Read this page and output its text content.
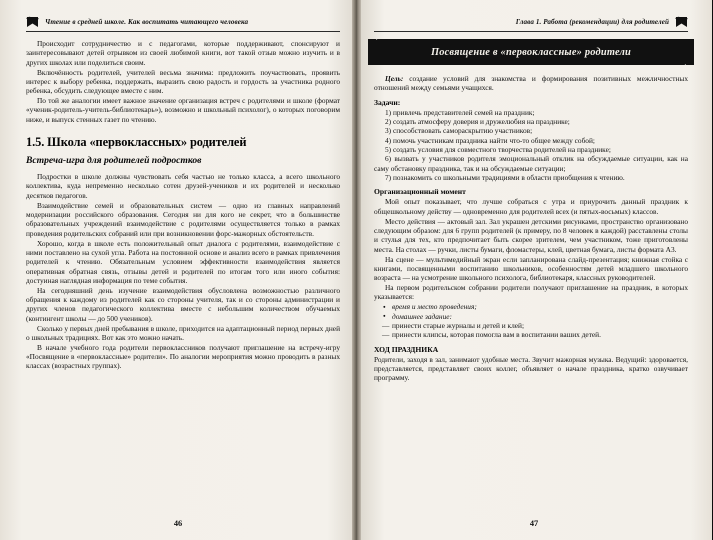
Чтение в средней школе. Как воспитать читающего человека

Происходит сотрудничество и с педагогами, которые поддерживают, спонсируют и заинтересовывают детей отрывком из своей любимой книги, вот такой отзыв можно изучить и в других школах или поделиться своим.

Включённость родителей, учителей весьма значима: предложить поучаствовать, проявить интерес к выбору ребенка, поддержать, выразить свою радость и гордость за участника родного ребенка, обсудить следующее вместе с ним.

По той же аналогии имеет важное значение организация встреч с родителями и школе (формат «ученик-родитель-учитель-библиотекарь»), возможно и школьный психолог), о которых поговорим ниже, и выпуск стенных газет по чтению.

1.5. Школа «первоклассных» родителей
Встреча-игра для родителей подростков

Подростки в школе должны чувствовать себя частью не только класса, а всего школьного коллектива, куда непременно несколько сотен друзей-учеников и их родителей и несколько десятков педагогов.

Взаимодействие семей и образовательных систем — одно из главных направлений модернизации российского образования. Сегодня ни для кого не секрет, что в большинстве образовательных учреждений взаимодействие с родителями осуществляется только в рамках проведения родительских собраний или при возникновении форс-мажорных обстоятельств.

Хорошо, когда в школе есть положительный опыт диалога с родителями, взаимодействие с ними поставлено на сухой угла. Работа на постоянной основе и анализ всего в рамках привлечения родителей к чтению. Обязательным условием эффективности взаимодействия является оперативная обратная связь, отзывы детей и родителей по итогам того или иного события: достуиная наглядная информация по теме события.

На сегодняшний день изучение взаимодействия обусловлена возможностью различного обращения к каждому из родителей как со стороны учителя, так и со стороны администрации и других членов педагогического коллектива вместе с небольшим количеством обучаемых (контингент школы — до 500 учеников).

Сколько у первых дней пребывания в школе, приходится на адаптационный период первых дней о школьных традициях. Вот как это можно начать.

В начале учебного года родители первоклассников получают приглашение на встречу-игру «Посвящение в «первоклассные» родители». По аналогии мероприятия можно проводить в разных классах (возрастных группах).

46
Глава 1. Работа (рекомендации) для родителей
Посвящение в «первоклассные» родители

Цель: создание условий для знакомства и формирования позитивных межличностных отношений между семьями учащихся.

Задачи:
1) привлечь представителей семей на праздник;
2) создать атмосферу доверия и дружелюбия на празднике;
3) способствовать самораскрытию участников;
4) помочь участникам праздника найти что-то общее между собой;
5) создать условия для совместного творчества родителей на празднике;
6) вызвать у участников родителя эмоциональный отклик на обсуждаемые ситуации, как на саму обстановку праздника, так и на обсуждаемые ситуации;
7) познакомить со школьными традициями в области приобщения к чтению.
Организационный момент

Мой опыт показывает, что лучше собраться с утра и приурочить данный праздник к общешкольному действу — одновременно для родителей всех (и пятых-восьмых) классов.

Место действия — актовый зал. Зал украшен детскими рисунками, пространство организовано следующим образом: для 6 групп родителей (к примеру, по 8 человек в каждой) расставлены столы и стулья для тех, кто предпочитает быть скорее зрителем, чем участником, тоже приготовлены места. На столах — ручки, листы бумаги, фломастеры, клей, цветная бумага, листы формата А3.

На сцене — мультимедийный экран если запланирована слайд-презентация; книжная стойка с книгами, посвященными воспитанию школьников, особенностям детей младшего школьного возраста — на усмотрение школьного психолога, библиотекаря, классных руководителей.

На первом родительском собрании родители получают приглашение на праздник, в которых указывается:

● время и место проведения;
● домашнее задание:
— принести старые журналы и детей и клей;
— принести клипсы, которая помогла вам в воспитании ваших детей.
ХОД ПРАЗДНИКА

Родители, заходя в зал, занимают удобные места. Звучит мажорная музыка. Ведущий: здоровается, представляется, представляет своих коллег, объявляет о начале праздника, кратко озвучивает программу.

47
